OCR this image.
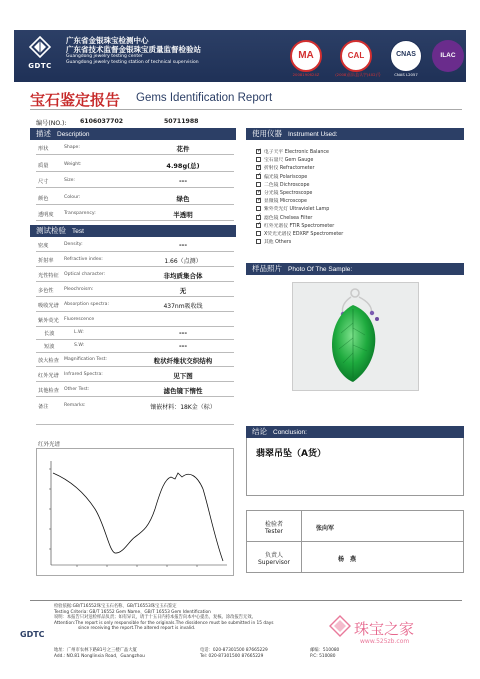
GDTC
广东省金银珠宝检测中心
广东省技术监督金银珠宝质量监督检验站
Guangdong jewelry testing center
Guangdong jewelry testing station of technical supervision
MA
2008190624Z
CAL
(2008)国认监认字(402)号
CNAS
CNAS L2057
ILAC
宝石鉴定报告 Gems Identification Report
编号(NO.): 6106037702	50711988
描述 Description
形状	Shape:	花件
质量	Weight:	4.98g(总)
尺寸	Size:	---
颜色	Colour:	绿色
透明度 Transparency:	半透明
测试检验 Test
密度	Density:	---
折射率 Refractive index:	1.66（点测）
光性特征 Optical character:	非均质集合体
多色性 Pleochroism:	无
吸收光谱 Absorption spectra:	437nm吸收线
紫外荧光 Fluorescence
长波	L.W:	---
短波	S.W:	---
放大检查 Magnification Test:	粒状纤维状交织结构
红外光谱 Infrared Spectra:	见下图
其他检查 Other Test:	滤色镜下惰性
备注	Remarks:	镶嵌材料：18K金（标）
红外光谱
使用仪器 Instrument Used:
✓电子天平 Electronic Balance
宝石量尺 Gem Gauge
✓折射仪 Refractometer
✓偏光镜 Polariscope
二色镜 Dichroscope
✓分光镜 Spectroscope
✓显微镜 Microscope
紫外荧光灯 Ultraviolet Lamp
✓滤色镜 Chelsea Filter
✓红外光谱仪 FTIR Spectrometer
X荧光光谱仪 EDXRF Spectrometer
其他 Others
样品照片 Photo Of The Sample:
结论 Conclusion:
翡翠吊坠（A货）
检验者
Tester	张向军
负责人
Supervisor	杨　燕
检验依据:GB/T16552珠宝玉石名称、GB/T16553珠宝玉石鉴定
Testing Criteria: GB/T 16552 Gem Name、GB/T 16553 Gem Identification
说明：本报告只对送检样品负责；如有异议，请于十五日内持本报告向本中心提出，复核。涂改报告无效。
Attention:The report is only responsible for the originals.The dissidence must be submitted in 15 days
since receiving the report.The altered report is invalid.
GDTC
地址：广州市农林下路81号之三楼广晶大厦
Add.: NO.81 Nonglinxia Road，Guangzhou
电话：020-87301500 87665229
Tel: 020-87301500 87665229
邮编：510080
P.C: 510080
珠宝之家
www.525zb.com
